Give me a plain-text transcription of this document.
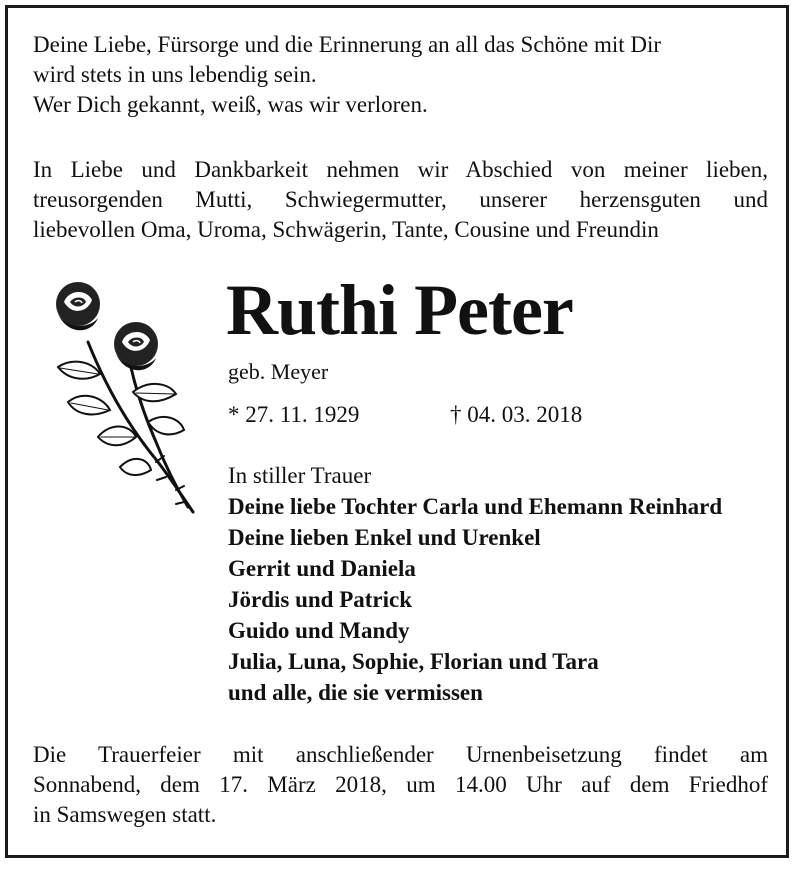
Deine Liebe, Fürsorge und die Erinnerung an all das Schöne mit Dir
wird stets in uns lebendig sein.
Wer Dich gekannt, weiß, was wir verloren.
In Liebe und Dankbarkeit nehmen wir Abschied von meiner lieben,
treusorgenden Mutti, Schwiegermutter, unserer herzensguten und
liebevollen Oma, Uroma, Schwägerin, Tante, Cousine und Freundin
Ruthi Peter
geb. Meyer
* 27. 11. 1929	† 04. 03. 2018
In stiller Trauer
Deine liebe Tochter Carla und Ehemann Reinhard
Deine lieben Enkel und Urenkel
Gerrit und Daniela
Jördis und Patrick
Guido und Mandy
Julia, Luna, Sophie, Florian und Tara
und alle, die sie vermissen
Die Trauerfeier mit anschließender Urnenbeisetzung findet am
Sonnabend, dem 17. März 2018, um 14.00 Uhr auf dem Friedhof
in Samswegen statt.
